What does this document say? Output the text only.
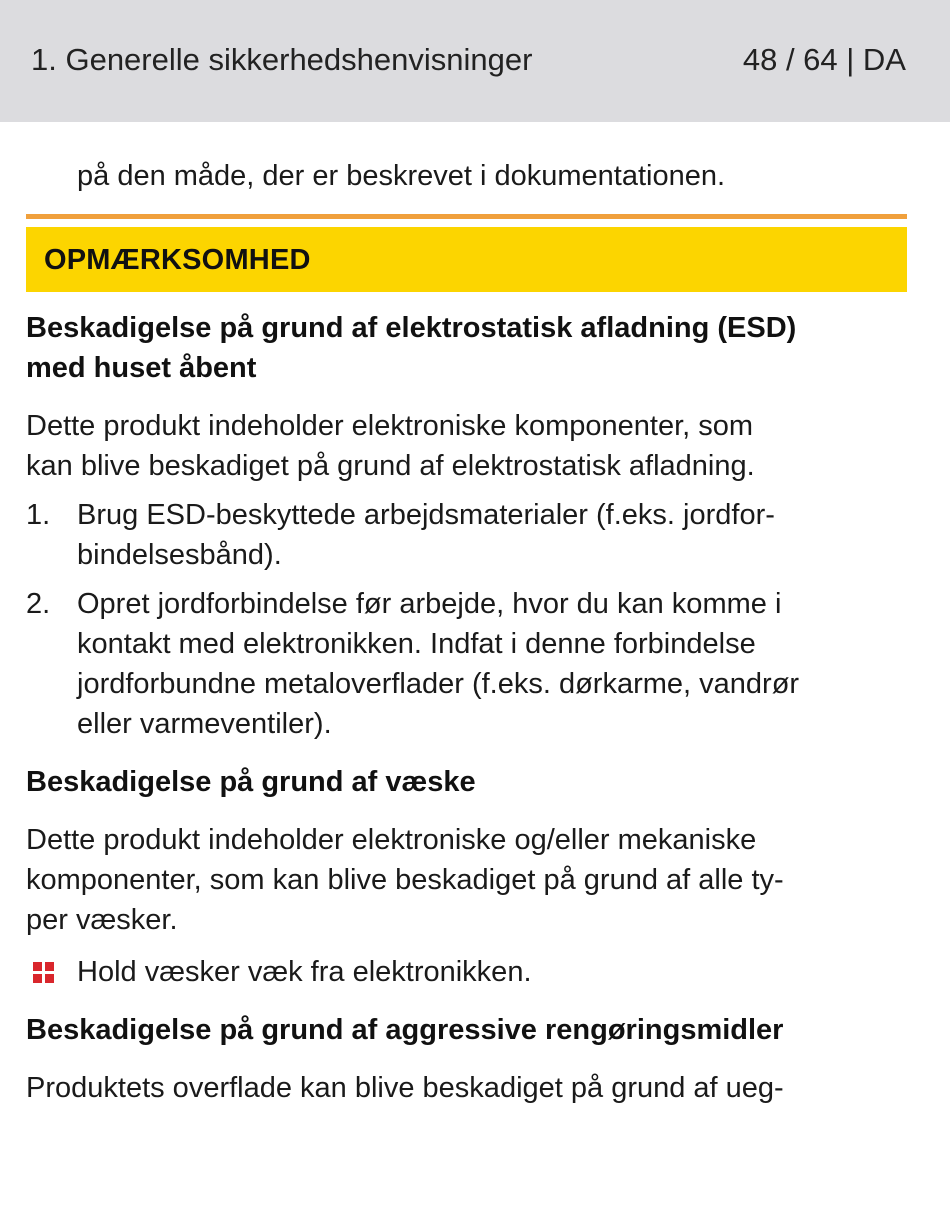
1. Generelle sikkerhedshenvisninger	48 / 64 | DA
på den måde, der er beskrevet i dokumentationen.
OPMÆRKSOMHED

Beskadigelse på grund af elektrostatisk afladning (ESD)
med huset åbent

Dette produkt indeholder elektroniske komponenter, som
kan blive beskadiget på grund af elektrostatisk afladning.

1. Brug ESD-beskyttede arbejdsmaterialer (f.eks. jordfor-
bindelsesbånd).
2. Opret jordforbindelse før arbejde, hvor du kan komme i
kontakt med elektronikken. Indfat i denne forbindelse
jordforbundne metaloverflader (f.eks. dørkarme, vandrør
eller varmeventiler).

Beskadigelse på grund af væske

Dette produkt indeholder elektroniske og/eller mekaniske
komponenter, som kan blive beskadiget på grund af alle ty-
per væsker.

Hold væsker væk fra elektronikken.

Beskadigelse på grund af aggressive rengøringsmidler

Produktets overflade kan blive beskadiget på grund af ueg-
